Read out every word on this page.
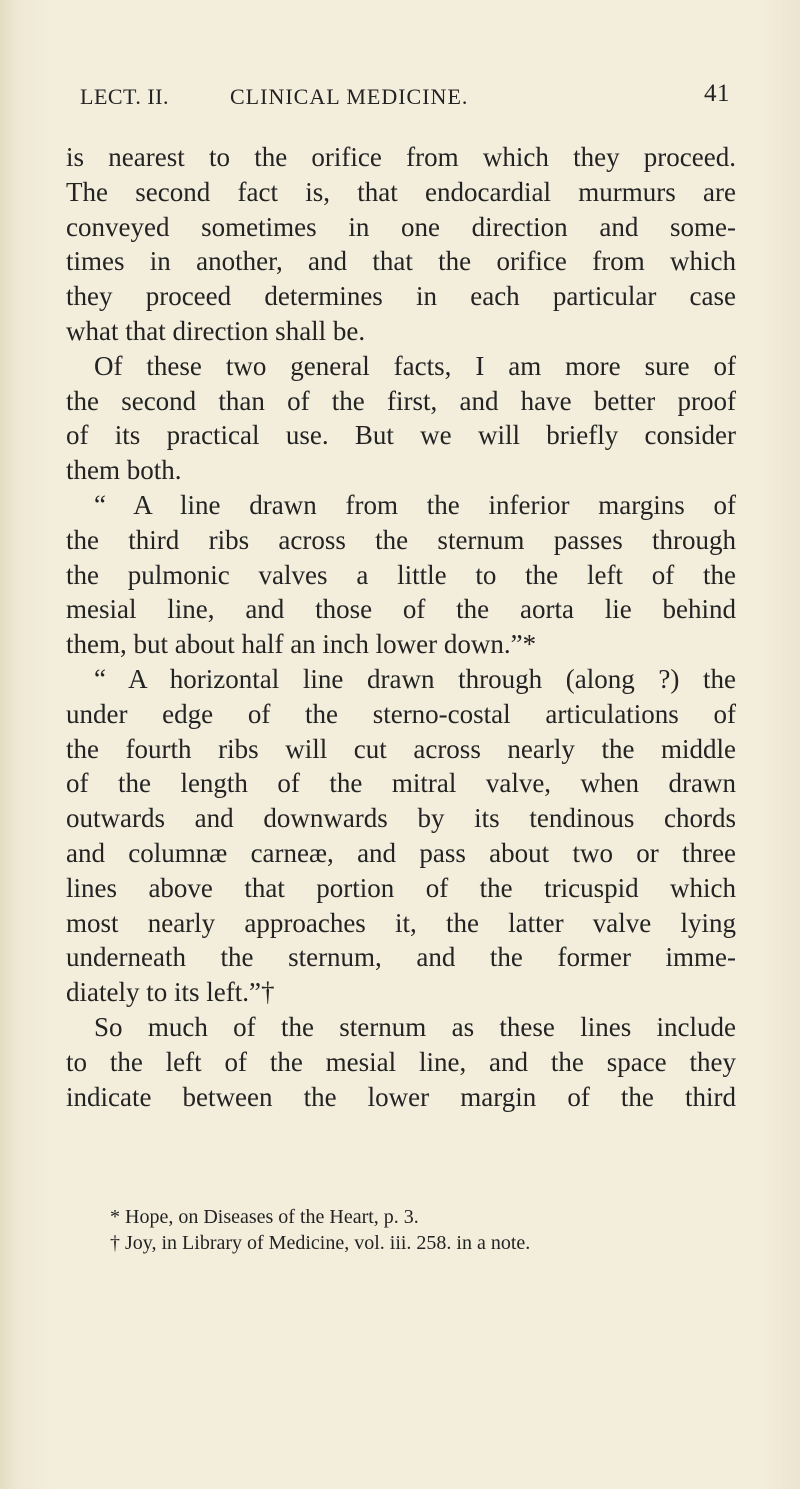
LECT. II.	CLINICAL MEDICINE.	41
is nearest to the orifice from which they proceed.
The second fact is, that endocardial murmurs are
conveyed sometimes in one direction and some-
times in another, and that the orifice from which
they proceed determines in each particular case
what that direction shall be.
Of these two general facts, I am more sure of
the second than of the first, and have better proof
of its practical use. But we will briefly consider
them both.
“ A line drawn from the inferior margins of
the third ribs across the sternum passes through
the pulmonic valves a little to the left of the
mesial line, and those of the aorta lie behind
them, but about half an inch lower down.”*
“ A horizontal line drawn through (along ?) the
under edge of the sterno-costal articulations of
the fourth ribs will cut across nearly the middle
of the length of the mitral valve, when drawn
outwards and downwards by its tendinous chords
and columnæ carneæ, and pass about two or three
lines above that portion of the tricuspid which
most nearly approaches it, the latter valve lying
underneath the sternum, and the former imme-
diately to its left.”†
So much of the sternum as these lines include
to the left of the mesial line, and the space they
indicate between the lower margin of the third
* Hope, on Diseases of the Heart, p. 3.
† Joy, in Library of Medicine, vol. iii. 258. in a note.
